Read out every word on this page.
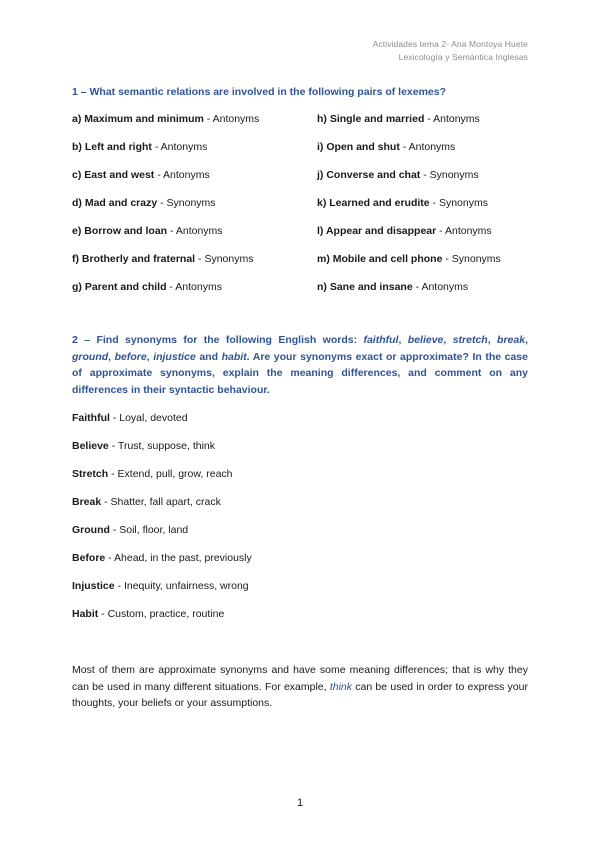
Actividades tema 2- Ana Montoya Huete
Lexicología y Semántica Inglesas
1 – What semantic relations are involved in the following pairs of lexemes?
a) Maximum and minimum - Antonyms	h) Single and married - Antonyms
b) Left and right - Antonyms	i) Open and shut - Antonyms
c) East and west - Antonyms	j) Converse and chat - Synonyms
d) Mad and crazy - Synonyms	k) Learned and erudite - Synonyms
e) Borrow and loan - Antonyms	l) Appear and disappear - Antonyms
f) Brotherly and fraternal - Synonyms	m) Mobile and cell phone - Synonyms
g) Parent and child - Antonyms	n) Sane and insane - Antonyms
2 – Find synonyms for the following English words: faithful, believe, stretch, break, ground, before, injustice and habit. Are your synonyms exact or approximate? In the case of approximate synonyms, explain the meaning differences, and comment on any differences in their syntactic behaviour.
Faithful - Loyal, devoted
Believe - Trust, suppose, think
Stretch - Extend, pull, grow, reach
Break - Shatter, fall apart, crack
Ground - Soil, floor, land
Before - Ahead, in the past, previously
Injustice - Inequity, unfairness, wrong
Habit - Custom, practice, routine
Most of them are approximate synonyms and have some meaning differences; that is why they can be used in many different situations. For example, think can be used in order to express your thoughts, your beliefs or your assumptions.
1
